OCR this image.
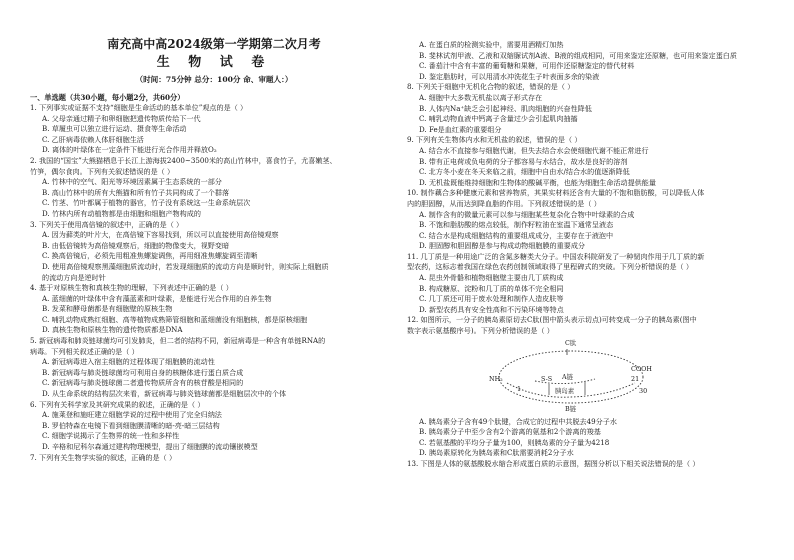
南充高中高2024级第一学期第二次月考

生 物 试 卷

（时间：75分钟 总分：100分 命、审题人：）

一、单选题（共30小题，每小题2分，共60分）

1. 下列事实或证据不支持“细胞是生命活动的基本单位”观点的是（ ）

A. 父母亲通过精子和卵细胞把遗传物质传给下一代

B. 草履虫可以独立进行运动、摄食等生命活动

C. 乙肝病毒依赖人体肝细胞生活

D. 离体的叶绿体在一定条件下能进行光合作用并释放O₂

2. 我国的“国宝”大熊猫栖息于长江上游海拔2400~3500米的高山竹林中，喜食竹子，尤喜嫩茎、

竹笋，偶尔食肉。下列有关叙述错误的是（ ）

A. 竹林中的空气、阳光等环境因素属于生态系统的一部分

B. 高山竹林中的所有大熊猫和所有竹子共同构成了一个群落

C. 竹茎、竹叶都属于植物的器官，竹子没有系统这一生命系统层次

D. 竹林内所有动植物都是由细胞和细胞产物构成的

3. 下列关于使用高倍镜的叙述中，正确的是（ ）

A. 因为藓类的叶片大，在高倍镜下容易找到，所以可以直接使用高倍镜观察

B. 由低倍镜转为高倍镜观察后，细胞的物像变大，视野变暗

C. 换高倍镜后，必须先用粗准焦螺旋调焦，再用细准焦螺旋调至清晰

D. 使用高倍镜观察黑藻细胞质流动时，若发现细胞质的流动方向是顺时针，则实际上细胞质

的流动方向是逆时针

4. 基于对原核生物和真核生物的理解，下列表述中正确的是（ ）

A. 蓝细菌的叶绿体中含有藻蓝素和叶绿素，是能进行光合作用的自养生物

B. 发菜和酵母菌都是有细胞壁的原核生物

C. 哺乳动物成熟红细胞、高等植物成熟筛管细胞和蓝细菌没有细胞核，都是原核细胞

D. 真核生物和原核生物的遗传物质都是DNA

5. 新冠病毒和肺炎链球菌均可引发肺炎，但二者的结构不同，新冠病毒是一种含有单链RNA的

病毒。下列相关叙述正确的是（ ）

A. 新冠病毒进入宿主细胞的过程体现了细胞膜的流动性

B. 新冠病毒与肺炎链球菌均可利用自身的核糖体进行蛋白质合成

C. 新冠病毒与肺炎链球菌二者遗传物质所含有的核苷酸是相同的

D. 从生命系统的结构层次来看，新冠病毒与肺炎链球菌都是细胞层次中的个体

6. 下列有关科学家及其研究成果的叙述，正确的是（ ）

A. 施莱登和施旺建立细胞学说的过程中使用了完全归纳法

B. 罗伯特森在电镜下看到细胞膜清晰的暗-亮-暗三层结构

C. 细胞学说揭示了生物界的统一性和多样性

D. 辛格和尼科尔森通过建构物理模型，提出了细胞膜的流动镶嵌模型

7. 下列有关生物学实验的叙述，正确的是（ ）

A. 在蛋白质的检测实验中，需要用酒精灯加热

B. 斐林试剂甲液、乙液和双缩脲试剂A液、B液的组成相同，可用来鉴定还原糖，也可用来鉴定蛋白质

C. 番茄汁中含有丰富的葡萄糖和果糖，可用作还原糖鉴定的替代材料

D. 鉴定脂肪时，可以用清水冲洗花生子叶表面多余的染液

8. 下列关于细胞中无机化合物的叙述，错误的是（ ）

A. 细胞中大多数无机盐以离子形式存在

B. 人体内Na⁺缺乏会引起神经、肌肉细胞的兴奋性降低

C. 哺乳动物血液中钙离子含量过少会引起肌肉抽搐

D. Fe是血红素的重要组分

9. 下列有关生物体内水和无机盐的叙述，错误的是（ ）

A. 结合水不直接参与细胞代谢，但失去结合水会使细胞代谢不能正常进行

B. 带有正电荷或负电荷的分子都容易与水结合，故水是良好的溶剂

C. 北方冬小麦在冬天来临之前，细胞中自由水/结合水的值逐渐降低

D. 无机盐既能维持细胞和生物体的酸碱平衡，也能为细胞生命活动提供能量

10. 制作藕合多种健康元素和营养物质，其果实材料还含有大量的不饱和脂肪酸，可以降低人体

内的胆固醇，从而达到降血脂的作用。下列叙述错误的是（ ）

A. 制作含有的微量元素可以参与细胞某些复杂化合物中叶绿素的合成

B. 不饱和脂肪酸的熔点较低，制作籽粒油在室温下通常呈液态

C. 结合水是构成细胞结构的重要组成成分，主要存在于液泡中

D. 胆固醇和胆固醇是参与构成动物细胞膜的重要成分

11. 几丁质是一种用途广泛的含氮多糖类大分子。中国农科院研发了一种韧肉作用于几丁质的新

型农药，这标志着我国在绿色农药创制领域取得了里程碑式的突破。下列分析错误的是（ ）

A. 昆虫外骨骼和植物细胞壁主要由几丁质构成

B. 构成糖原、淀粉和几丁质的单体不完全相同

C. 几丁质还可用于废水处理和制作人造皮肤等

D. 新型农药具有安全性高和不污染环境等特点

12. 如图所示，一分子的胰岛素原切去C肽(图中箭头表示切点)可转变成一分子的胰岛素(图中

数字表示氨基酸序号)。下列分析错误的是（ ）

C肽
NH₂
COOH
1
21
30
A链
胰岛素
S-S
B链

A. 胰岛素分子含有49个肽键，合成它的过程中共脱去49分子水

B. 胰岛素分子中至少含有2个游离的氨基和2个游离的羧基

C. 若氨基酸的平均分子量为100，则胰岛素的分子量为4218

D. 胰岛素原转化为胰岛素和C肽需要消耗2分子水

13. 下图是人体的氨基酸脱水缩合形成蛋白质的示意图，据图分析以下相关说法错误的是（ ）
